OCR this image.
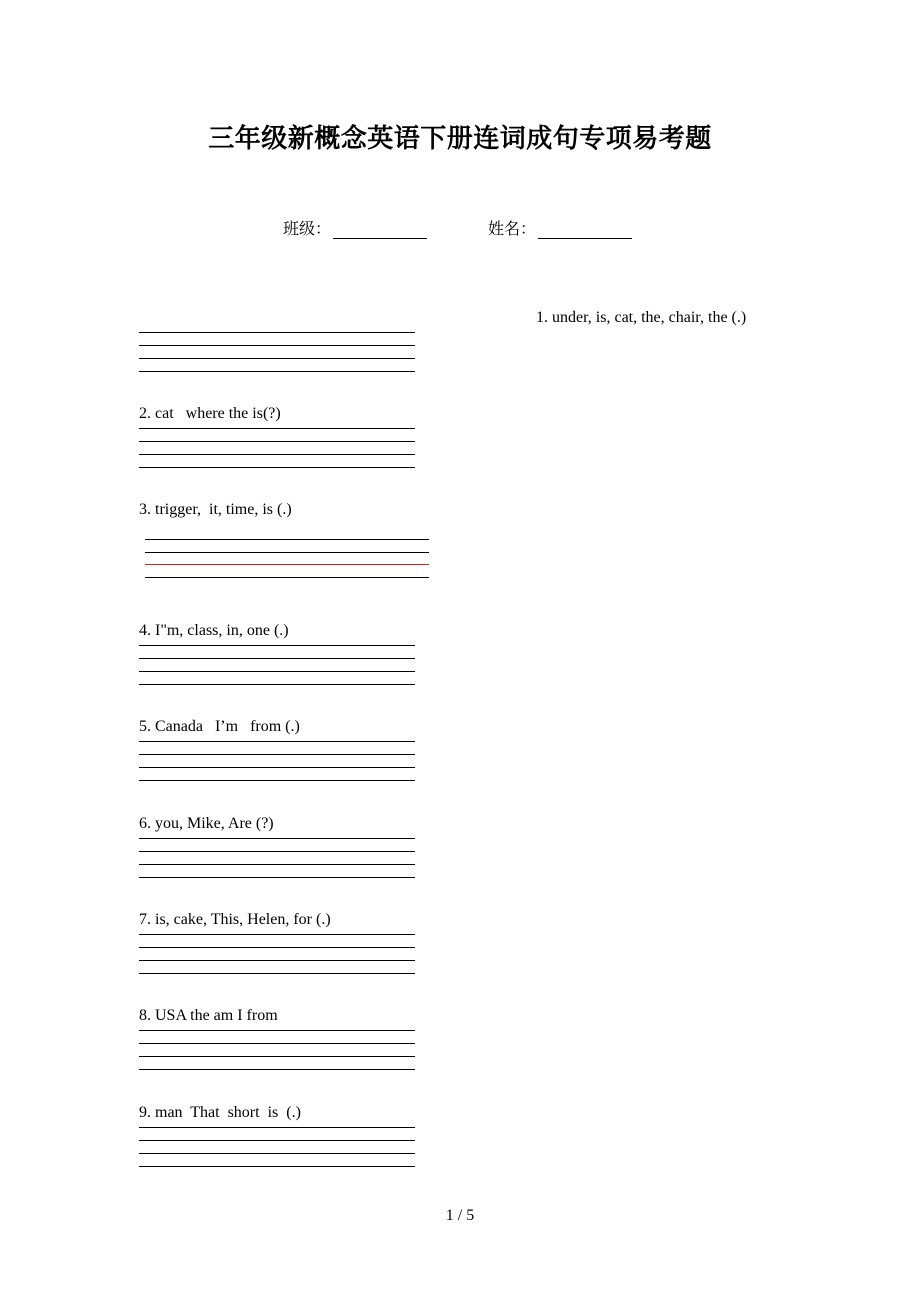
三年级新概念英语下册连词成句专项易考题
班级：	姓名：
1. under, is, cat, the, chair, the (.)
2. cat   where the is(?)
3. trigger,  it, time, is (.)
4. I"m, class, in, one (.)
5. Canada   I’m   from (.)
6. you, Mike, Are (?)
7. is, cake, This, Helen, for (.)
8. USA the am I from
9. man  That  short  is  (.)
1 / 5
